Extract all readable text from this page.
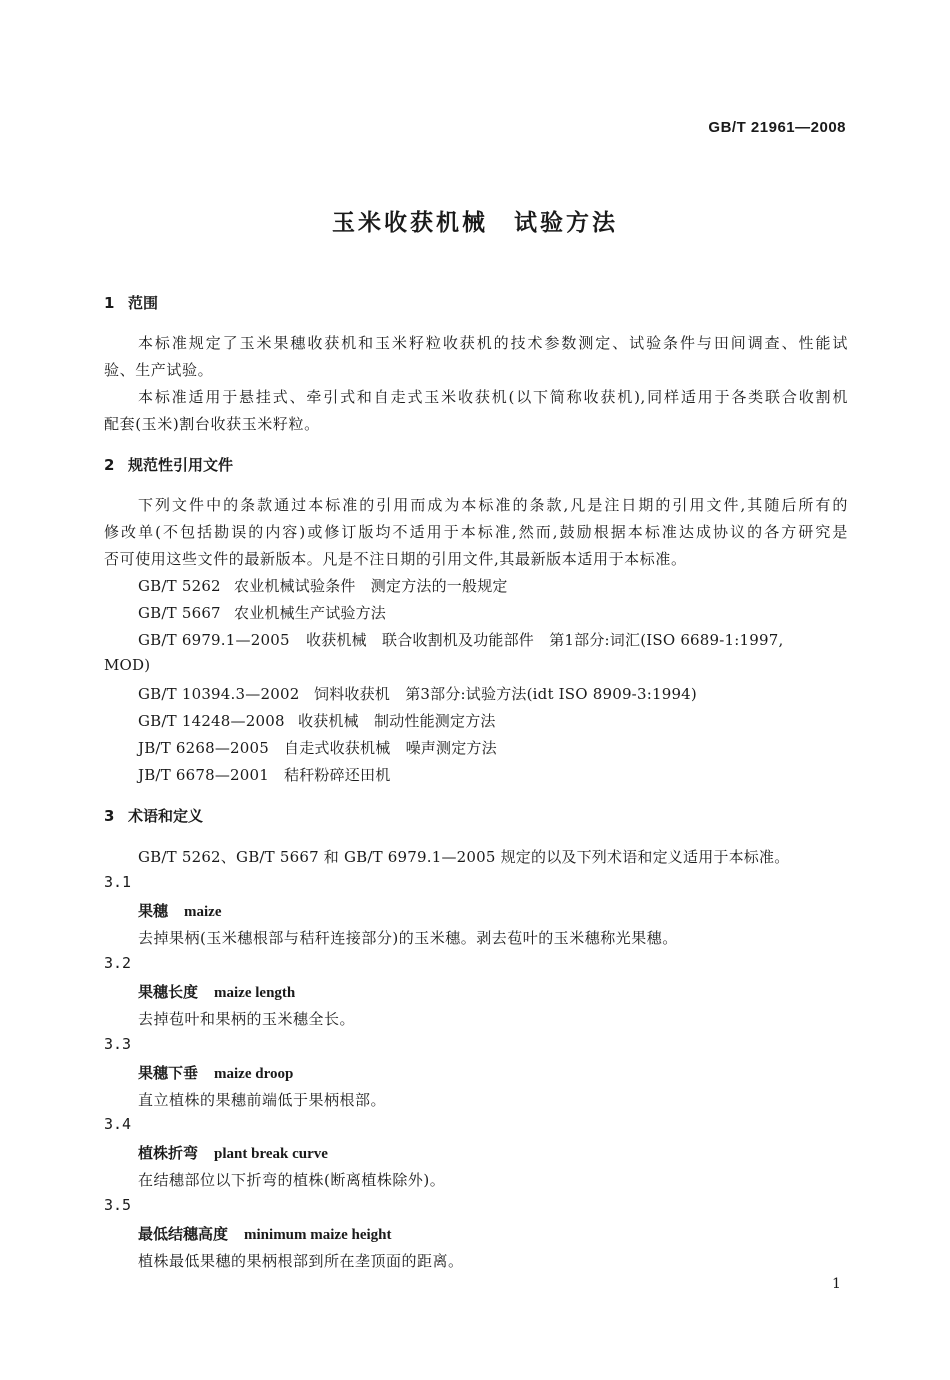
GB/T 21961—2008
玉米收获机械　试验方法
1 范围
本标准规定了玉米果穗收获机和玉米籽粒收获机的技术参数测定、试验条件与田间调查、性能试
验、生产试验。
本标准适用于悬挂式、牵引式和自走式玉米收获机(以下简称收获机),同样适用于各类联合收割机
配套(玉米)割台收获玉米籽粒。
2 规范性引用文件
下列文件中的条款通过本标准的引用而成为本标准的条款,凡是注日期的引用文件,其随后所有的
修改单(不包括勘误的内容)或修订版均不适用于本标准,然而,鼓励根据本标准达成协议的各方研究是
否可使用这些文件的最新版本。凡是不注日期的引用文件,其最新版本适用于本标准。
GB/T 5262 农业机械试验条件　测定方法的一般规定
GB/T 5667 农业机械生产试验方法
GB/T 6979.1—2005 收获机械　联合收割机及功能部件　第1部分:词汇(ISO 6689-1:1997,
MOD)
GB/T 10394.3—2002 饲料收获机　第3部分:试验方法(idt ISO 8909-3:1994)
GB/T 14248—2008 收获机械　制动性能测定方法
JB/T 6268—2005 自走式收获机械　噪声测定方法
JB/T 6678—2001 秸秆粉碎还田机
3 术语和定义
GB/T 5262、GB/T 5667 和 GB/T 6979.1—2005 规定的以及下列术语和定义适用于本标准。
3.1
果穗 maize
去掉果柄(玉米穗根部与秸秆连接部分)的玉米穗。剥去苞叶的玉米穗称光果穗。
3.2
果穗长度 maize length
去掉苞叶和果柄的玉米穗全长。
3.3
果穗下垂 maize droop
直立植株的果穗前端低于果柄根部。
3.4
植株折弯 plant break curve
在结穗部位以下折弯的植株(断离植株除外)。
3.5
最低结穗高度 minimum maize height
植株最低果穗的果柄根部到所在垄顶面的距离。
1
